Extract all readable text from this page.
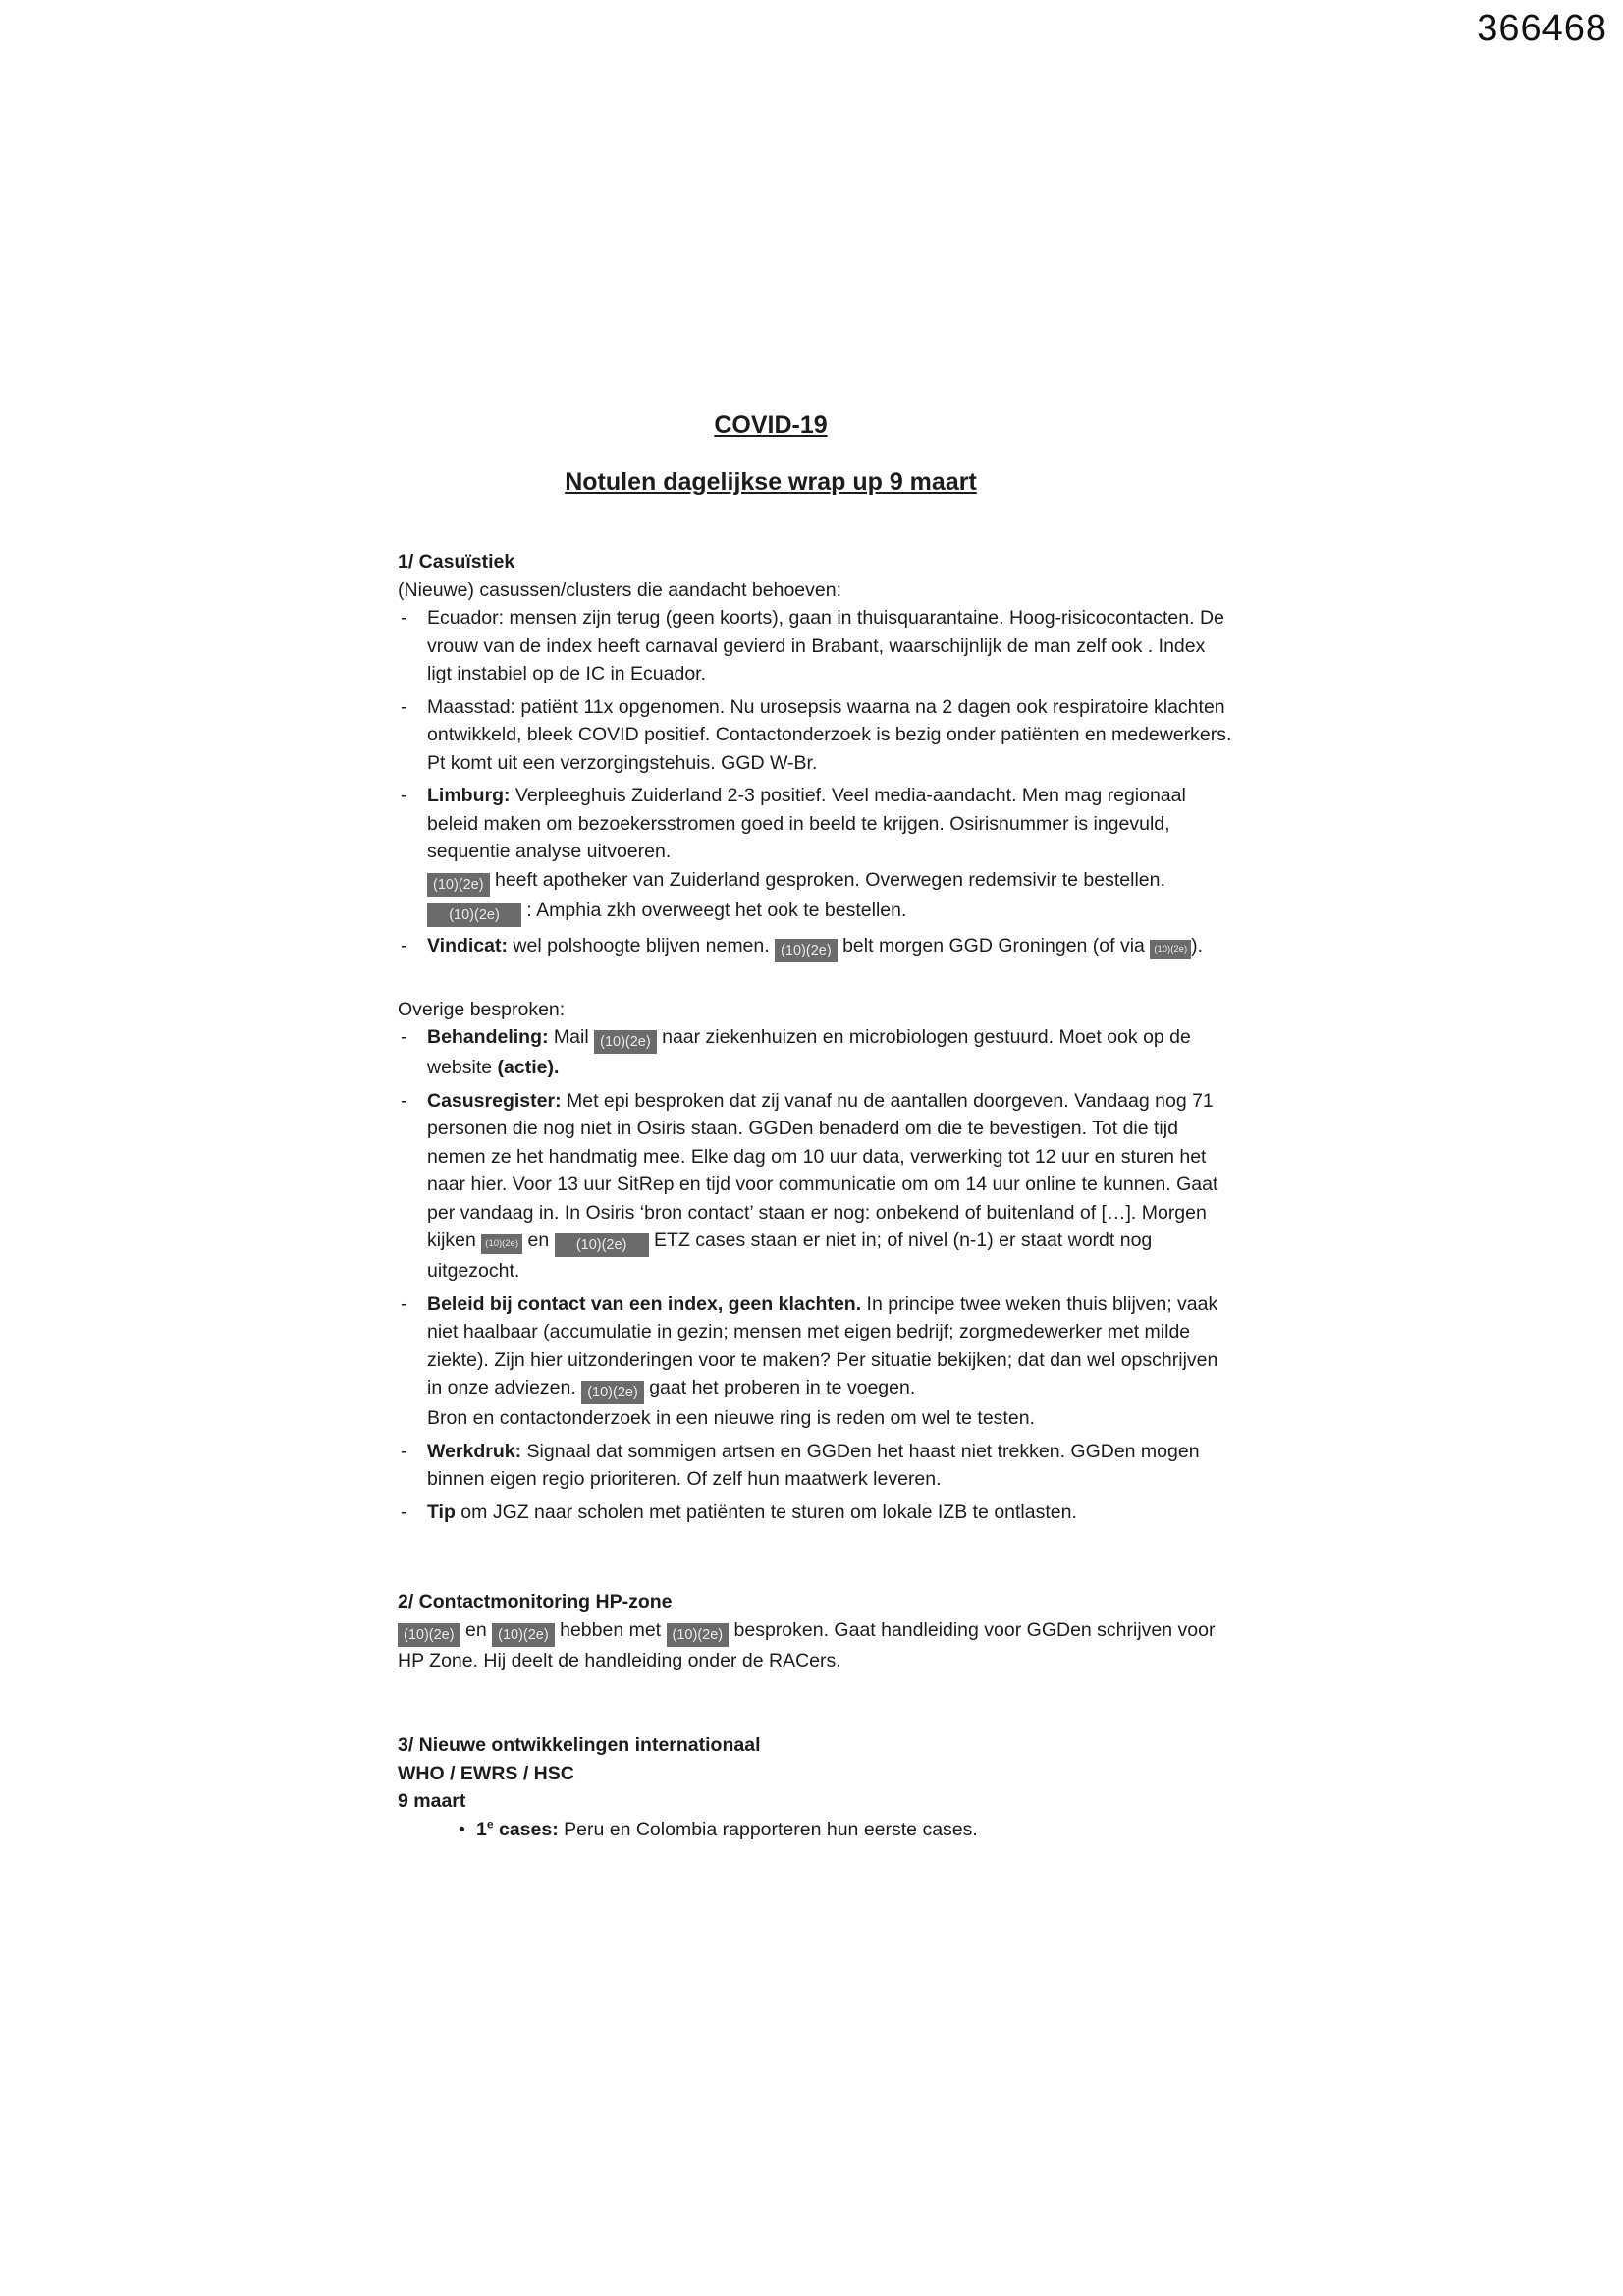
366468
COVID-19
Notulen dagelijkse wrap up 9 maart
1/ Casuïstiek
(Nieuwe) casussen/clusters die aandacht behoeven:
- Ecuador: mensen zijn terug (geen koorts), gaan in thuisquarantaine. Hoog-risicocontacten. De vrouw van de index heeft carnaval gevierd in Brabant, waarschijnlijk de man zelf ook . Index ligt instabiel op de IC in Ecuador.
- Maasstad: patiënt 11x opgenomen. Nu urosepsis waarna na 2 dagen ook respiratoire klachten ontwikkeld, bleek COVID positief. Contactonderzoek is bezig onder patiënten en medewerkers. Pt komt uit een verzorgingstehuis. GGD W-Br.
- Limburg: Verpleeghuis Zuiderland 2-3 positief. Veel media-aandacht. Men mag regionaal beleid maken om bezoekersstromen goed in beeld te krijgen. Osirisnummer is ingevuld, sequentie analyse uitvoeren.
(10)(2e) heeft apotheker van Zuiderland gesproken. Overwegen redemsivir te bestellen.
(10)(2e) : Amphia zkh overweegt het ook te bestellen.
- Vindicat: wel polshoogte blijven nemen. (10)(2e) belt morgen GGD Groningen (of via (10)(2e) ).
Overige besproken:
- Behandeling: Mail (10)(2e) naar ziekenhuizen en microbiologen gestuurd. Moet ook op de website (actie).
- Casusregister: Met epi besproken dat zij vanaf nu de aantallen doorgeven. Vandaag nog 71 personen die nog niet in Osiris staan. GGDen benaderd om die te bevestigen. Tot die tijd nemen ze het handmatig mee. Elke dag om 10 uur data, verwerking tot 12 uur en sturen het naar hier. Voor 13 uur SitRep en tijd voor communicatie om om 14 uur online te kunnen. Gaat per vandaag in. In Osiris ‘bron contact’ staan er nog: onbekend of buitenland of […]. Morgen kijken (10)(2e) en (10)(2e) ETZ cases staan er niet in; of nivel (n-1) er staat wordt nog uitgezocht.
- Beleid bij contact van een index, geen klachten. In principe twee weken thuis blijven; vaak niet haalbaar (accumulatie in gezin; mensen met eigen bedrijf; zorgmedewerker met milde ziekte). Zijn hier uitzonderingen voor te maken? Per situatie bekijken; dat dan wel opschrijven in onze adviezen. (10)(2e) gaat het proberen in te voegen.
Bron en contactonderzoek in een nieuwe ring is reden om wel te testen.
- Werkdruk: Signaal dat sommigen artsen en GGDen het haast niet trekken. GGDen mogen binnen eigen regio prioriteren. Of zelf hun maatwerk leveren.
- Tip om JGZ naar scholen met patiënten te sturen om lokale IZB te ontlasten.
2/ Contactmonitoring HP-zone
(10)(2e) en (10)(2e) hebben met (10)(2e) besproken. Gaat handleiding voor GGDen schrijven voor HP Zone. Hij deelt de handleiding onder de RACers.
3/ Nieuwe ontwikkelingen internationaal
WHO / EWRS / HSC
9 maart
• 1e cases: Peru en Colombia rapporteren hun eerste cases.
